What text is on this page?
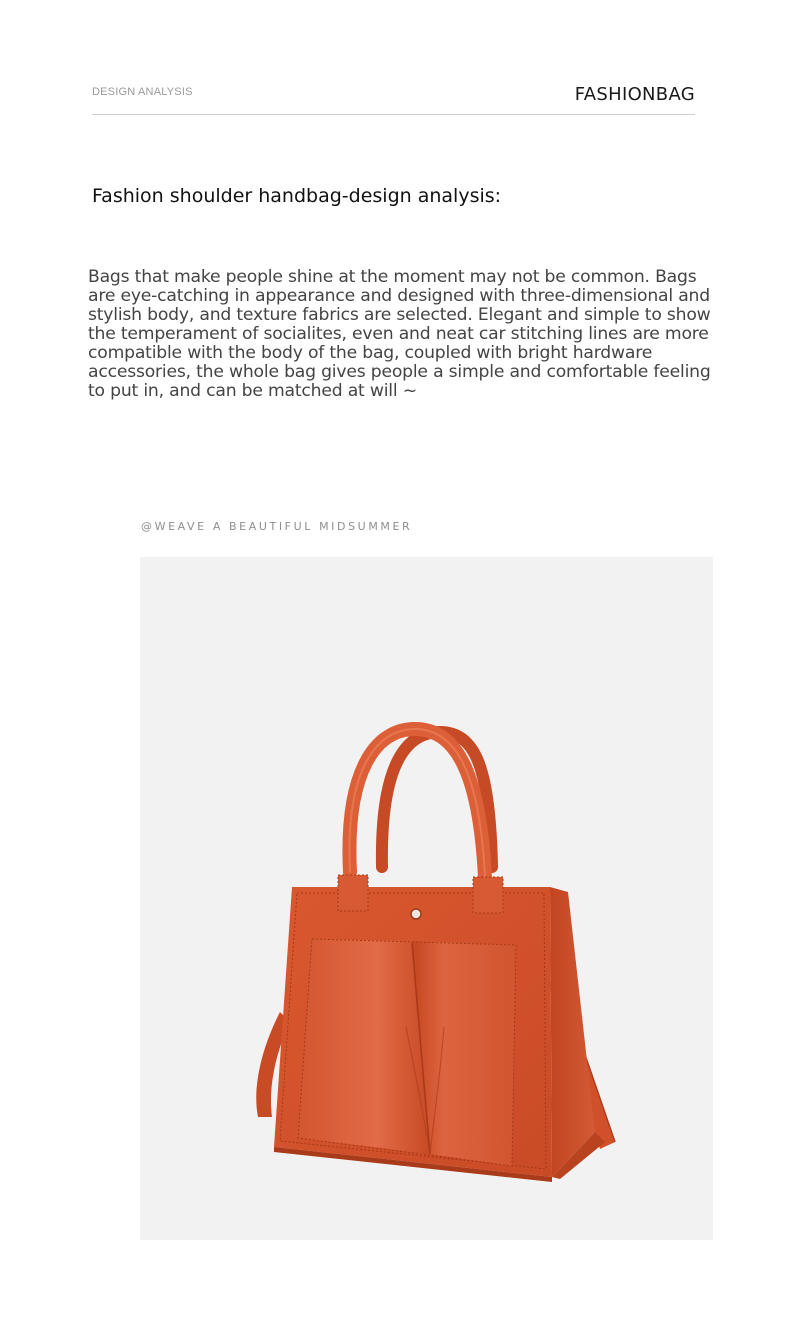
DESIGN ANALYSIS	FASHIONBAG
Fashion shoulder handbag-design analysis:
Bags that make people shine at the moment may not be common. Bags are eye-catching in appearance and designed with three-dimensional and stylish body, and texture fabrics are selected. Elegant and simple to show the temperament of socialites, even and neat car stitching lines are more compatible with the body of the bag, coupled with bright hardware accessories, the whole bag gives people a simple and comfortable feeling to put in, and can be matched at will ~
@WEAVE A BEAUTIFUL MIDSUMMER
